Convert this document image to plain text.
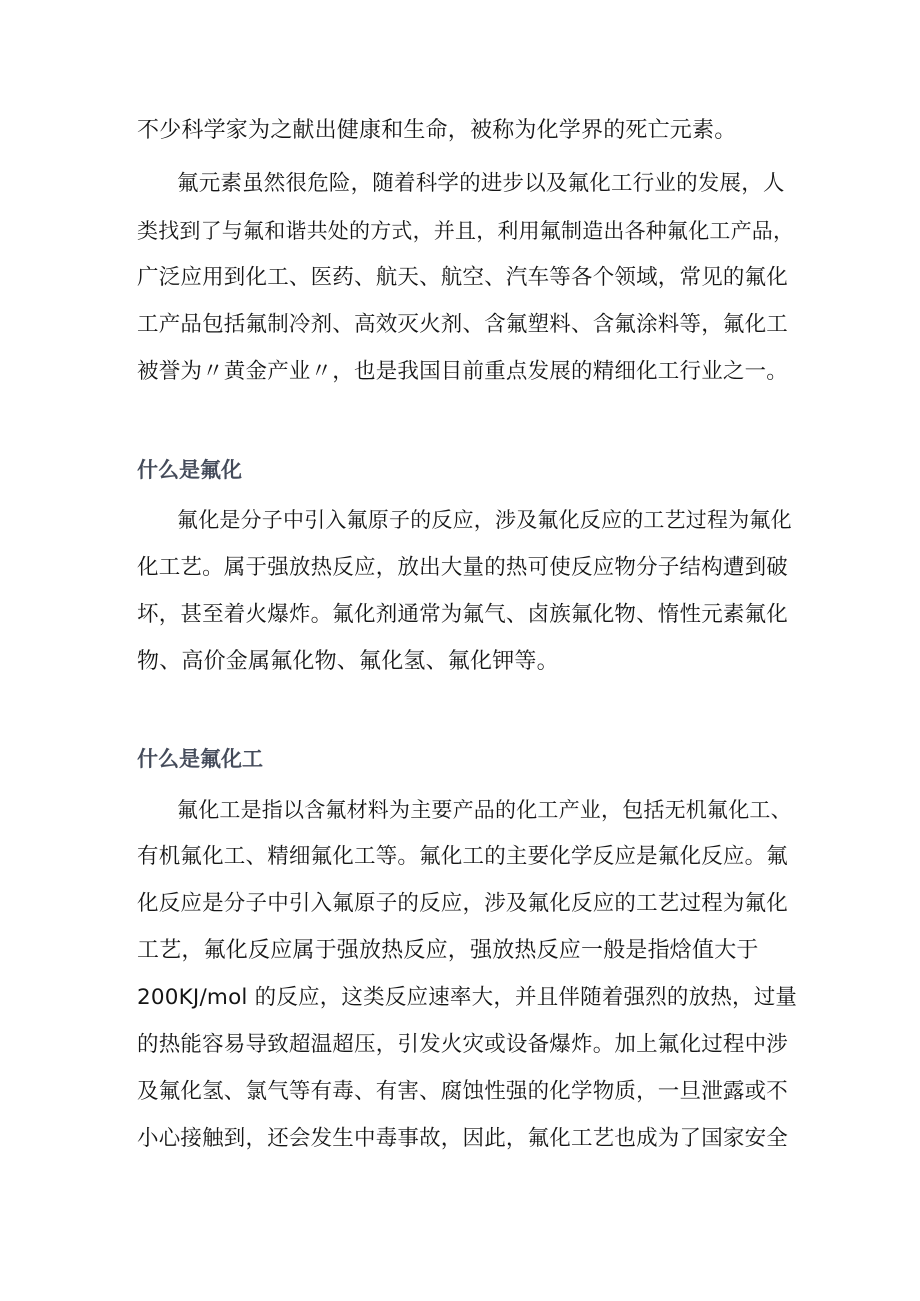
不少科学家为之献出健康和生命，被称为化学界的死亡元素。
氟元素虽然很危险，随着科学的进步以及氟化工行业的发展，人
类找到了与氟和谐共处的方式，并且，利用氟制造出各种氟化工产品，
广泛应用到化工、医药、航天、航空、汽车等各个领域，常见的氟化
工产品包括氟制冷剂、高效灭火剂、含氟塑料、含氟涂料等，氟化工
被誉为〃黄金产业〃，也是我国目前重点发展的精细化工行业之一。
什么是氟化
氟化是分子中引入氟原子的反应，涉及氟化反应的工艺过程为氟化
化工艺。属于强放热反应，放出大量的热可使反应物分子结构遭到破
坏，甚至着火爆炸。氟化剂通常为氟气、卤族氟化物、惰性元素氟化
物、高价金属氟化物、氟化氢、氟化钾等。
什么是氟化工
氟化工是指以含氟材料为主要产品的化工产业，包括无机氟化工、
有机氟化工、精细氟化工等。氟化工的主要化学反应是氟化反应。氟
化反应是分子中引入氟原子的反应，涉及氟化反应的工艺过程为氟化
工艺，氟化反应属于强放热反应，强放热反应一般是指焓值大于
200KJ∕mol 的反应，这类反应速率大，并且伴随着强烈的放热，过量
的热能容易导致超温超压，引发火灾或设备爆炸。加上氟化过程中涉
及氟化氢、氯气等有毒、有害、腐蚀性强的化学物质，一旦泄露或不
小心接触到，还会发生中毒事故，因此，氟化工艺也成为了国家安全
